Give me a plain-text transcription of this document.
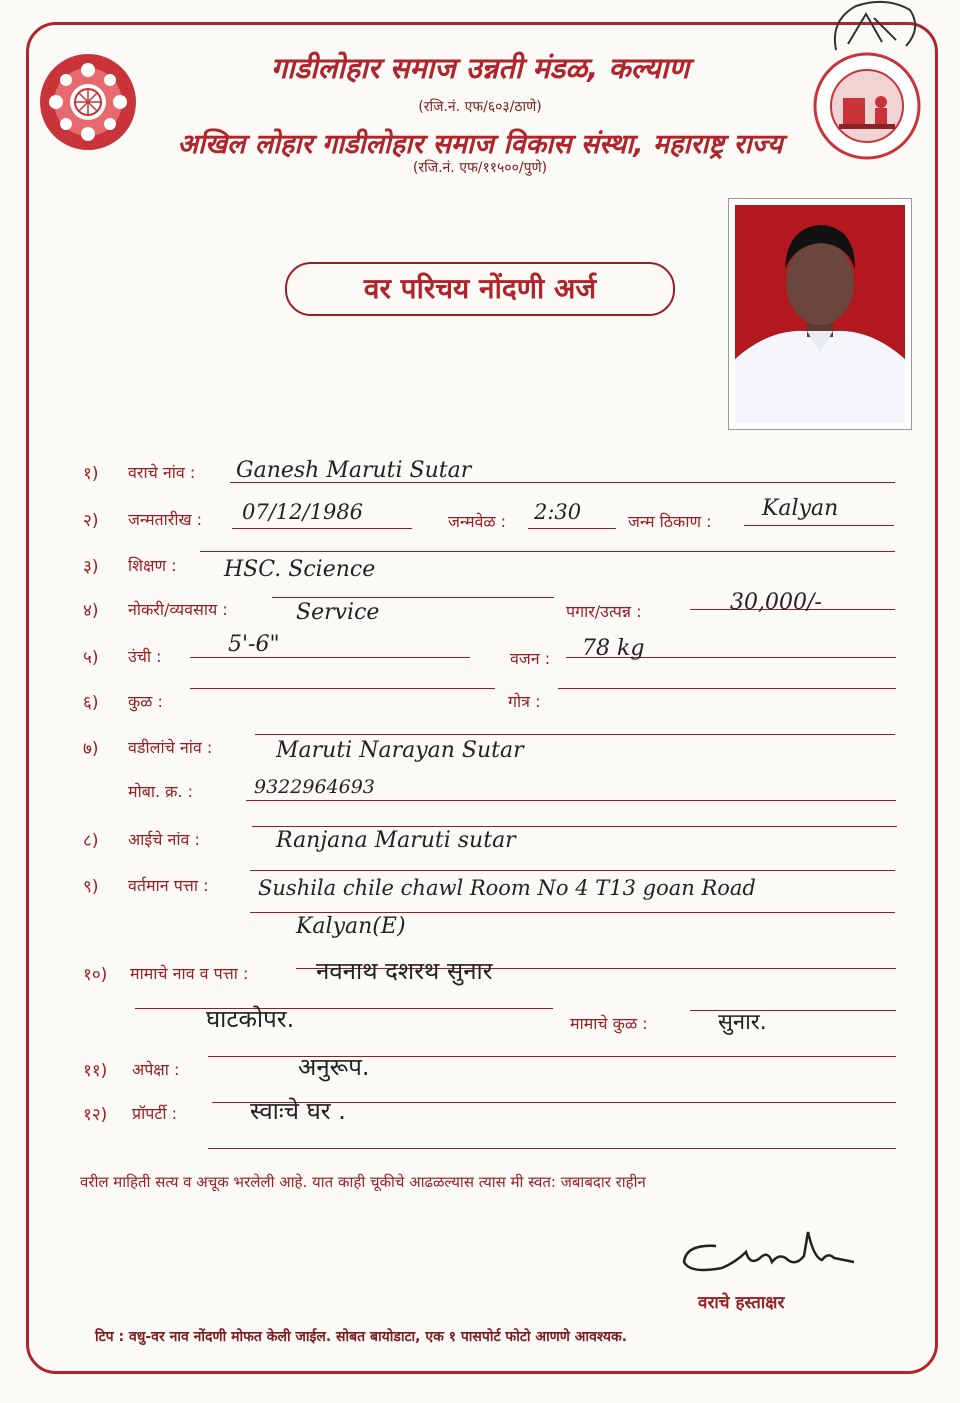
गाडीलोहार समाज उन्नती मंडळ, कल्याण
(रजि.नं. एफ/६०३/ठाणे)
अखिल लोहार गाडीलोहार समाज विकास संस्था, महाराष्ट्र राज्य
(रजि.नं. एफ/११५००/पुणे)
वर परिचय नोंदणी अर्ज
१) वराचे नांव : Ganesh Maruti Sutar
२) जन्मतारीख : 07/12/1986	जन्मवेळ : 2:30	जन्म ठिकाण :
Kalyan
३) शिक्षण : HSC. Science
४) नोकरी/व्यवसाय :	Service	पगार/उत्पन्न :	30,000/-
५) उंची :	5'-6"
वजन : 78 kg
६) कुळ :	गोत्र :
७) वडीलांचे नांव :	Maruti Narayan Sutar
मोबा. क्र. :	9322964693
८) आईचे नांव :	Ranjana Maruti sutar
९) वर्तमान पत्ता : Sushila chile chawl Room No 4 T13 goan Road
Kalyan(E)
१०) मामाचे नाव व पत्ता :	नवनाथ दशरथ सुनार
घाटकोपर.	मामाचे कुळ :	सुनार.
११) अपेक्षा :	अनुरूप.
१२) प्रॉपर्टी :	स्वाःचे घर .
वरील माहिती सत्य व अचूक भरलेली आहे. यात काही चूकीचे आढळल्यास त्यास मी स्वत: जबाबदार राहीन
वराचे हस्ताक्षर
टिप : वधु-वर नाव नोंदणी मोफत केली जाईल. सोबत बायोडाटा, एक १ पासपोर्ट फोटो आणणे आवश्यक.
